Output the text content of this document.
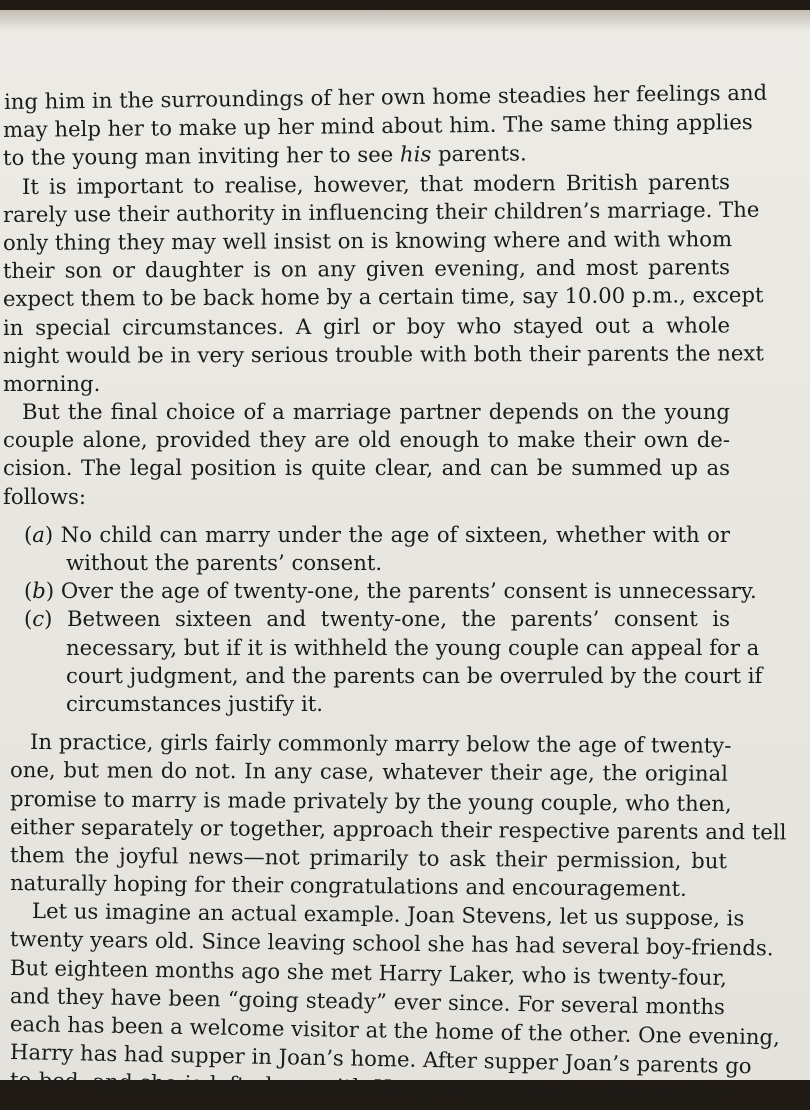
ing him in the surroundings of her own home steadies her feelings and
may help her to make up her mind about him. The same thing applies
to the young man inviting her to see his parents.
It is important to realise, however, that modern British parents
rarely use their authority in influencing their children’s marriage. The
only thing they may well insist on is knowing where and with whom
their son or daughter is on any given evening, and most parents
expect them to be back home by a certain time, say 10.00 p.m., except
in special circumstances. A girl or boy who stayed out a whole
night would be in very serious trouble with both their parents the next
morning.
But the final choice of a marriage partner depends on the young
couple alone, provided they are old enough to make their own de-
cision. The legal position is quite clear, and can be summed up as
follows:
(a) No child can marry under the age of sixteen, whether with or
without the parents’ consent.
(b) Over the age of twenty-one, the parents’ consent is unnecessary.
(c) Between sixteen and twenty-one, the parents’ consent is
necessary, but if it is withheld the young couple can appeal for a
court judgment, and the parents can be overruled by the court if
circumstances justify it.
In practice, girls fairly commonly marry below the age of twenty-
one, but men do not. In any case, whatever their age, the original
promise to marry is made privately by the young couple, who then,
either separately or together, approach their respective parents and tell
them the joyful news—not primarily to ask their permission, but
naturally hoping for their congratulations and encouragement.
Let us imagine an actual example. Joan Stevens, let us suppose, is
twenty years old. Since leaving school she has had several boy-friends.
But eighteen months ago she met Harry Laker, who is twenty-four,
and they have been “going steady” ever since. For several months
each has been a welcome visitor at the home of the other. One evening,
Harry has had supper in Joan’s home. After supper Joan’s parents go
to bed, and she is left alone with Harry, sitting next to him on the
